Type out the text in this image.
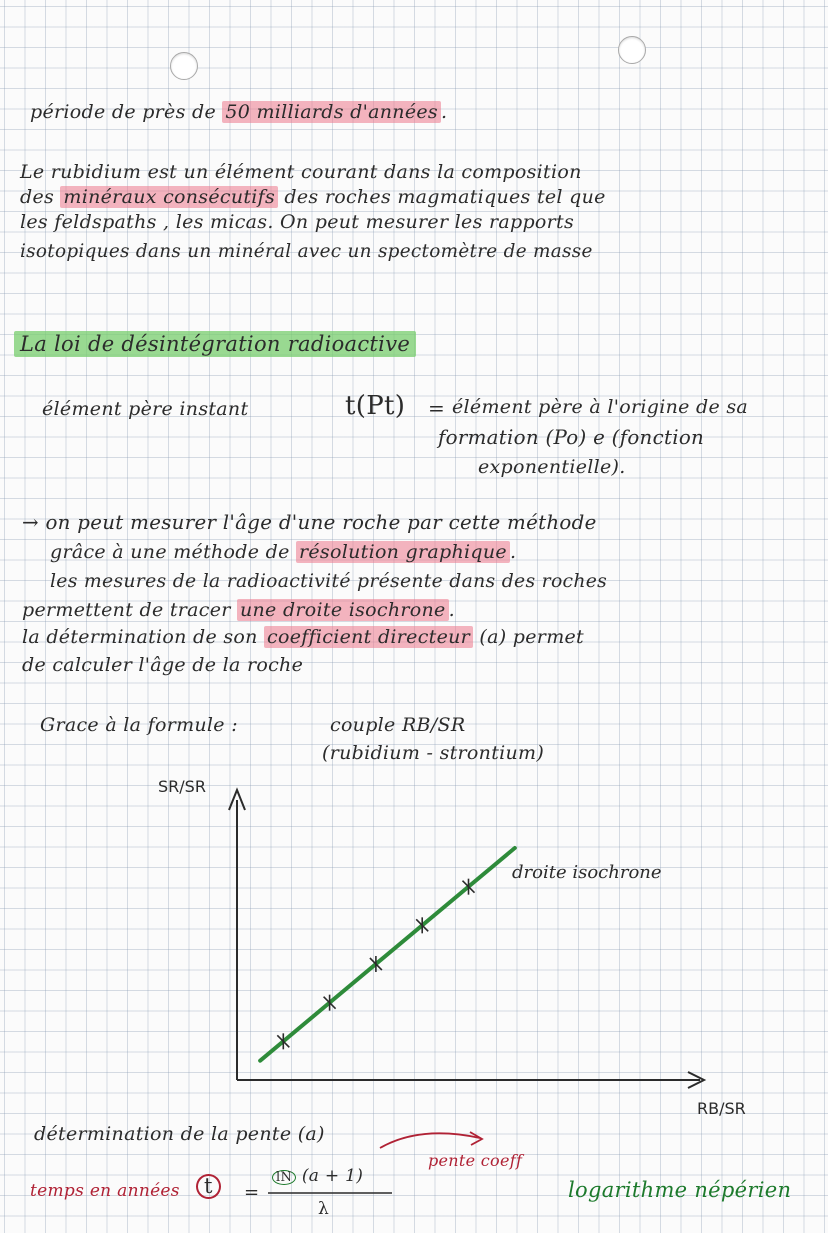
période de près de 50 milliards d'années .
Le rubidium est un élément courant dans la composition
des minéraux consécutifs des roches magmatiques tel que
les feldspaths , les micas. On peut mesurer les rapports
isotopiques dans un minéral avec un spectomètre de masse
La loi de désintégration radioactive
élément père instant	t(Pt) = élément père à l'origine de sa
formation (Po) e (fonction
exponentielle).
→ on peut mesurer l'âge d'une roche par cette méthode
grâce à une méthode de résolution graphique .
les mesures de la radioactivité présente dans des roches
permettent de tracer une droite isochrone .
la détermination de son coefficient directeur (a) permet
de calculer l'âge de la roche
Grace à la formule :	couple RB/SR
(rubidium - strontium)
SR/SR
RB/SR
droite isochrone
détermination de la pente (a)
pente coeff
temps en années	t	=
lN (a + 1)
λ
logarithme népérien
